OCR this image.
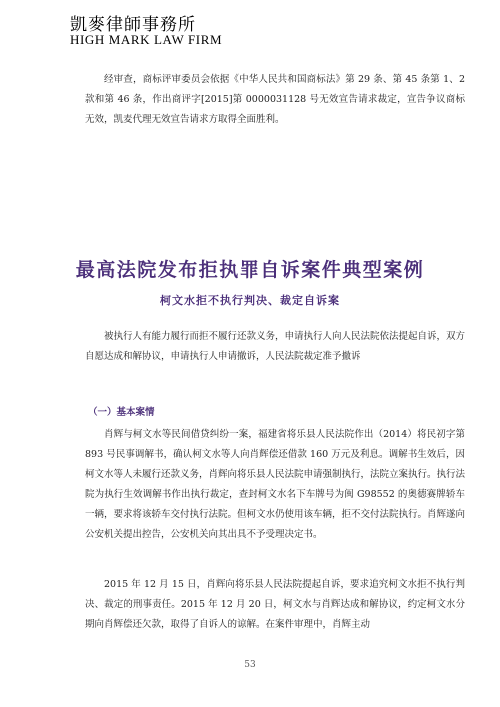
凱麥律師事務所
HIGH MARK LAW FIRM

经审查，商标评审委员会依据《中华人民共和国商标法》第 29 条、第 45 条第 1、2 款和第 46 条，作出商评字[2015]第 0000031128 号无效宣告请求裁定，宣告争议商标无效，凯麦代理无效宣告请求方取得全面胜利。

最高法院发布拒执罪自诉案件典型案例
柯文水拒不执行判决、裁定自诉案

被执行人有能力履行而拒不履行还款义务，申请执行人向人民法院依法提起自诉，双方自愿达成和解协议，申请执行人申请撤诉，人民法院裁定准予撤诉

（一）基本案情

肖辉与柯文水等民间借贷纠纷一案，福建省将乐县人民法院作出（2014）将民初字第 893 号民事调解书，确认柯文水等人向肖辉偿还借款 160 万元及利息。调解书生效后，因柯文水等人未履行还款义务，肖辉向将乐县人民法院申请强制执行，法院立案执行。执行法院为执行生效调解书作出执行裁定，查封柯文水名下车牌号为闽 G98552 的奥德赛牌轿车一辆，要求将该轿车交付执行法院。但柯文水仍使用该车辆，拒不交付法院执行。肖辉遂向公安机关提出控告，公安机关向其出具不予受理决定书。

2015 年 12 月 15 日，肖辉向将乐县人民法院提起自诉，要求追究柯文水拒不执行判决、裁定的刑事责任。2015 年 12 月 20 日，柯文水与肖辉达成和解协议，约定柯文水分期向肖辉偿还欠款，取得了自诉人的谅解。在案件审理中，肖辉主动

53
